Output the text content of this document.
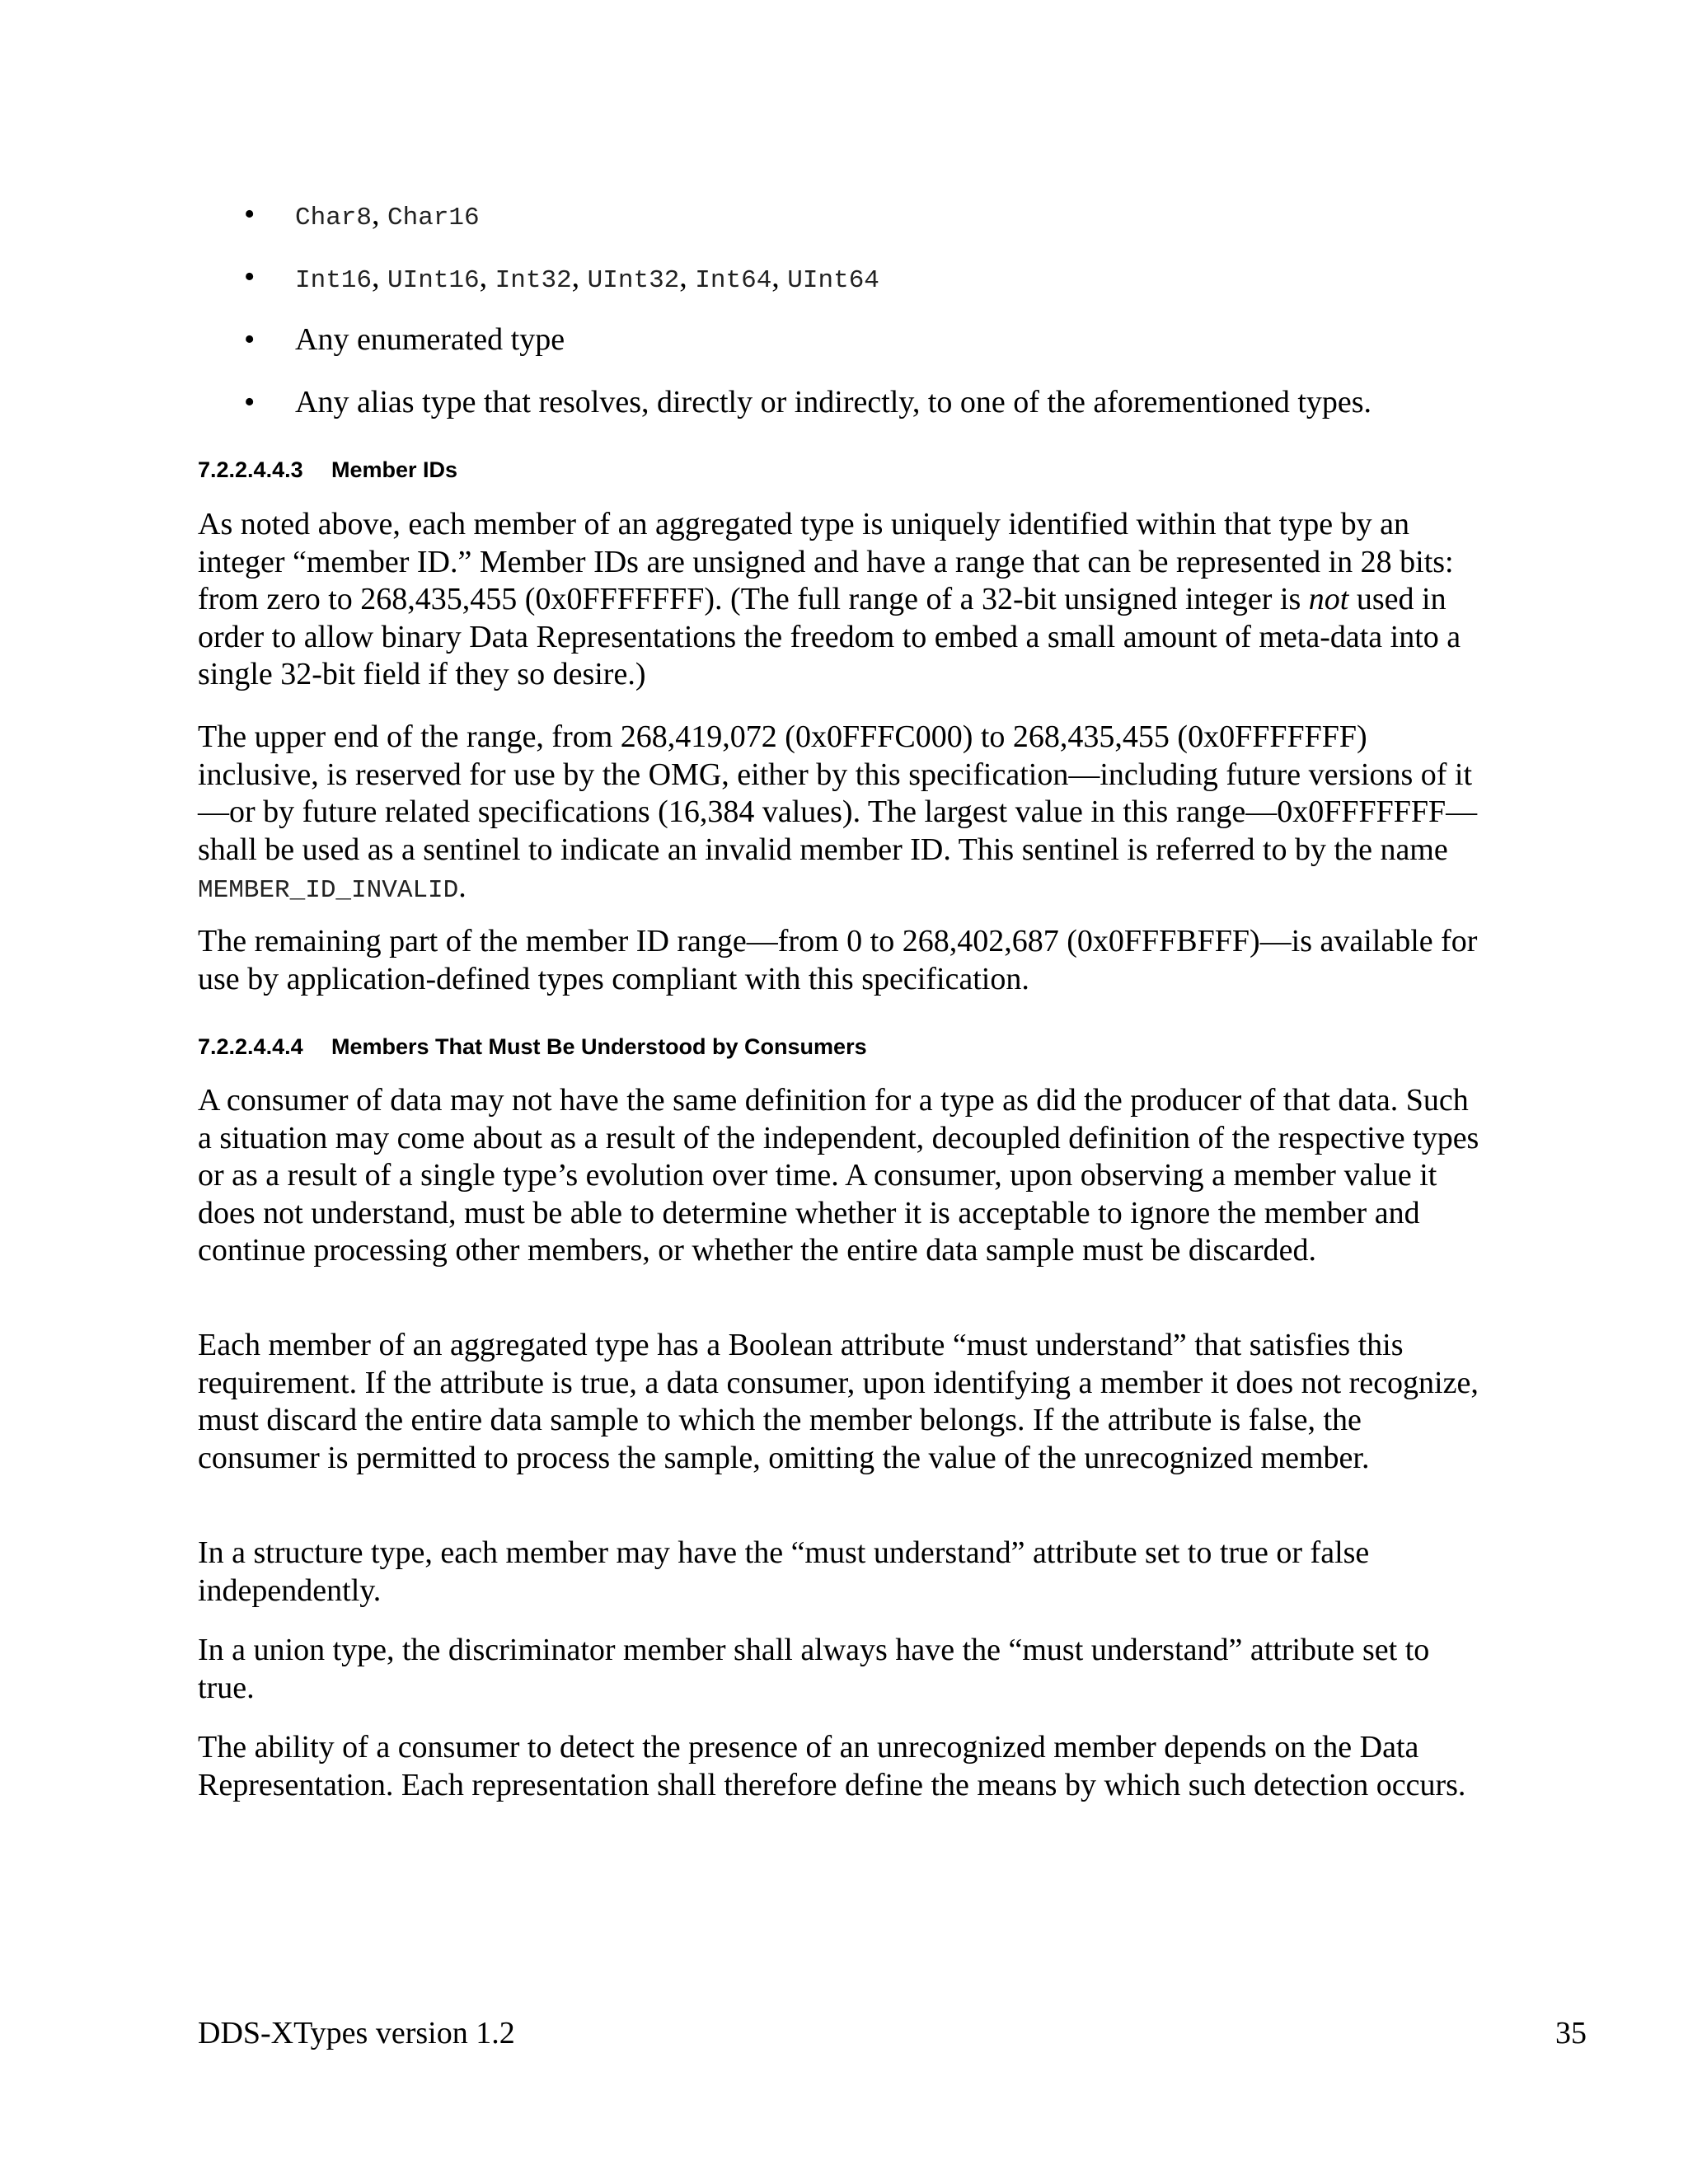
• Char8, Char16
• Int16, UInt16, Int32, UInt32, Int64, UInt64
• Any enumerated type
• Any alias type that resolves, directly or indirectly, to one of the aforementioned types.
7.2.2.4.4.3 Member IDs

As noted above, each member of an aggregated type is uniquely identified within that type by an integer “member ID.” Member IDs are unsigned and have a range that can be represented in 28 bits: from zero to 268,435,455 (0x0FFFFFFF). (The full range of a 32-bit unsigned integer is not used in order to allow binary Data Representations the freedom to embed a small amount of meta-data into a single 32-bit field if they so desire.)

The upper end of the range, from 268,419,072 (0x0FFFC000) to 268,435,455 (0x0FFFFFFF) inclusive, is reserved for use by the OMG, either by this specification—including future versions of it—or by future related specifications (16,384 values). The largest value in this range—0x0FFFFFFF—shall be used as a sentinel to indicate an invalid member ID. This sentinel is referred to by the name MEMBER_ID_INVALID.

The remaining part of the member ID range—from 0 to 268,402,687 (0x0FFFBFFF)—is available for use by application-defined types compliant with this specification.

7.2.2.4.4.4 Members That Must Be Understood by Consumers

A consumer of data may not have the same definition for a type as did the producer of that data. Such a situation may come about as a result of the independent, decoupled definition of the respective types or as a result of a single type’s evolution over time. A consumer, upon observing a member value it does not understand, must be able to determine whether it is acceptable to ignore the member and continue processing other members, or whether the entire data sample must be discarded.

Each member of an aggregated type has a Boolean attribute “must understand” that satisfies this requirement. If the attribute is true, a data consumer, upon identifying a member it does not recognize, must discard the entire data sample to which the member belongs. If the attribute is false, the consumer is permitted to process the sample, omitting the value of the unrecognized member.

In a structure type, each member may have the “must understand” attribute set to true or false independently.

In a union type, the discriminator member shall always have the “must understand” attribute set to true.

The ability of a consumer to detect the presence of an unrecognized member depends on the Data Representation. Each representation shall therefore define the means by which such detection occurs.

DDS-XTypes version 1.2	35
